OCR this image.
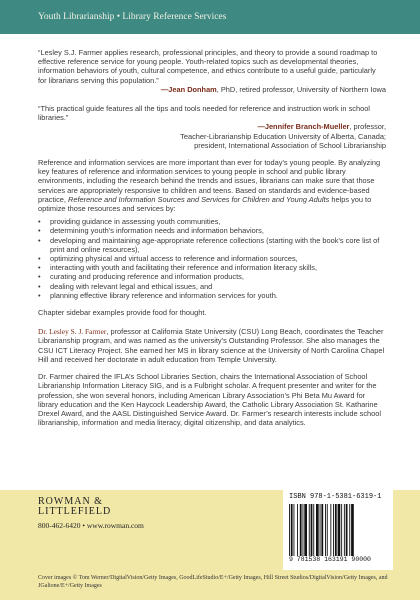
Youth Librarianship • Library Reference Services

“Lesley S.J. Farmer applies research, professional principles, and theory to provide a sound roadmap to effective reference service for young people. Youth-related topics such as developmental theories, information behaviors of youth, cultural competence, and ethics contribute to a useful guide, particularly for librarians serving this population.”

—Jean Donham, PhD, retired professor, University of Northern Iowa

“This practical guide features all the tips and tools needed for reference and instruction work in school libraries.”

—Jennifer Branch-Mueller, professor,

Teacher-Librarianship Education University of Alberta, Canada;

president, International Association of School Librarianship

Reference and information services are more important than ever for today’s young people. By analyzing key features of reference and information services to young people in school and public library environments, including the research behind the trends and issues, librarians can make sure that those services are appropriately responsive to children and teens. Based on standards and evidence-based practice, Reference and Information Sources and Services for Children and Young Adults helps you to optimize those resources and services by:

• providing guidance in assessing youth communities,
• determining youth’s information needs and information behaviors,
• developing and maintaining age-appropriate reference collections (starting with the book’s core list of print and online resources),
• optimizing physical and virtual access to reference and information sources,
• interacting with youth and facilitating their reference and information literacy skills,
• curating and producing reference and information products,
• dealing with relevant legal and ethical issues, and
• planning effective library reference and information services for youth.

Chapter sidebar examples provide food for thought.

Dr. Lesley S. J. Farmer, professor at California State University (CSU) Long Beach, coordinates the Teacher Librarianship program, and was named as the university’s Outstanding Professor. She also manages the CSU ICT Literacy Project. She earned her MS in library science at the University of North Carolina Chapel Hill and received her doctorate in adult education from Temple University.

Dr. Farmer chaired the IFLA’s School Libraries Section, chairs the International Association of School Librarianship Information Literacy SIG, and is a Fulbright scholar. A frequent presenter and writer for the profession, she won several honors, including American Library Association’s Phi Beta Mu Award for library education and the Ken Haycock Leadership Award, the Catholic Library Association St. Katharine Drexel Award, and the AASL Distinguished Service Award. Dr. Farmer’s research interests include school librarianship, information and media literacy, digital citizenship, and data analytics.

ROWMAN &
LITTLEFIELD
800-462-6420 • www.rowman.com
ISBN 978-1-5381-6319-1
9 781538 163191 90000
Cover images © Tom Werner/DigitalVision/Getty Images, GoodLifeStudio/E+/Getty Images, Hill Street Studios/DigitalVision/Getty Images, and JGalione/E+/Getty Images
